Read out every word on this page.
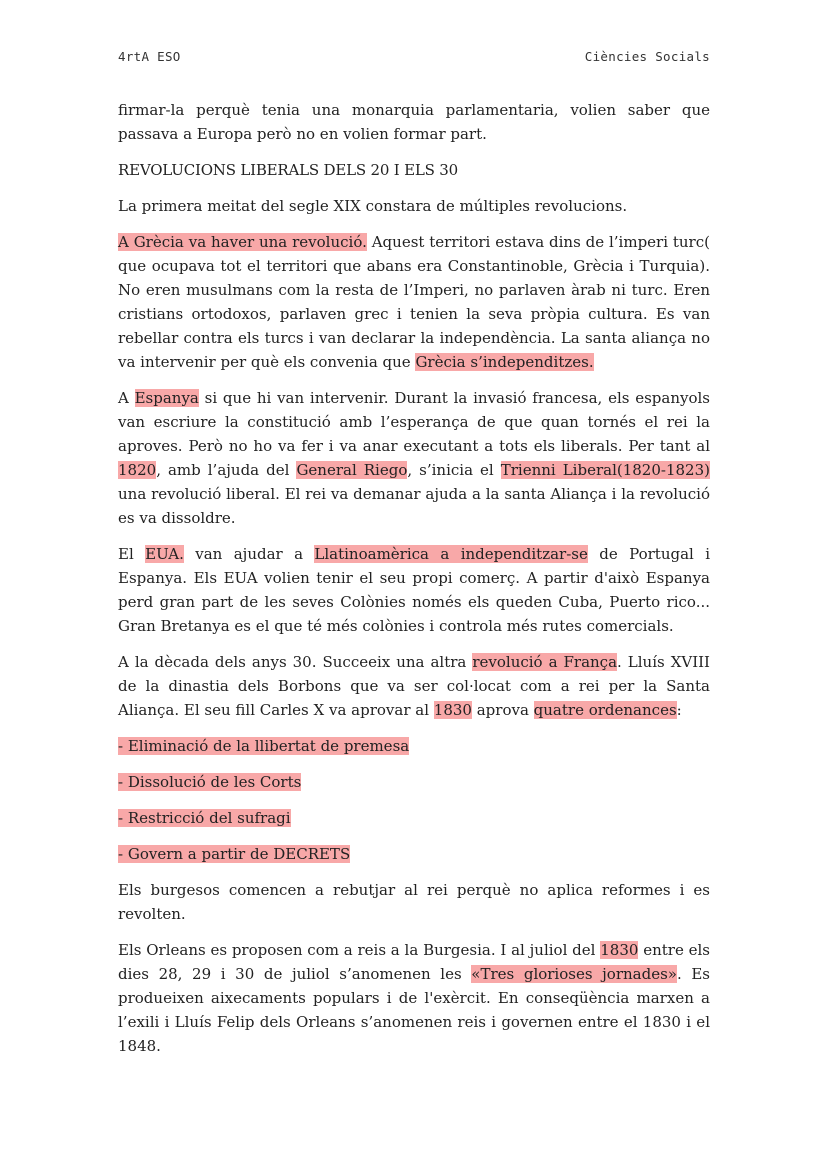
4rtA ESO	Ciències Socials

firmar-la perquè tenia una monarquia parlamentaria, volien saber que passava a Europa però no en volien formar part.

REVOLUCIONS LIBERALS DELS 20 I ELS 30

La primera meitat del segle XIX constara de múltiples revolucions.

A Grècia va haver una revolució. Aquest territori estava dins de l’imperi turc( que ocupava tot el territori que abans era Constantinoble, Grècia i Turquia). No eren musulmans com la resta de l’Imperi, no parlaven àrab ni turc. Eren cristians ortodoxos, parlaven grec i tenien la seva pròpia cultura. Es van rebellar contra els turcs i van declarar la independència. La santa aliança no va intervenir per què els convenia que Grècia s’independitzes.

A Espanya si que hi van intervenir. Durant la invasió francesa, els espanyols van escriure la constitució amb l’esperança de que quan tornés el rei la aproves. Però no ho va fer i va anar executant a tots els liberals. Per tant al 1820, amb l’ajuda del General Riego, s’inicia el Trienni Liberal(1820-1823) una revolució liberal. El rei va demanar ajuda a la santa Aliança i la revolució es va dissoldre.

El EUA. van ajudar a Llatinoamèrica a independitzar-se de Portugal i Espanya. Els EUA volien tenir el seu propi comerç. A partir d'això Espanya perd gran part de les seves Colònies només els queden Cuba, Puerto rico... Gran Bretanya es el que té més colònies i controla més rutes comercials.

A la dècada dels anys 30. Succeeix una altra revolució a França. Lluís XVIII de la dinastia dels Borbons que va ser col·locat com a rei per la Santa Aliança. El seu fill Carles X va aprovar al 1830 aprova quatre ordenances:

- Eliminació de la llibertat de premesa

- Dissolució de les Corts

- Restricció del sufragi

- Govern a partir de DECRETS

Els burgesos comencen a rebutjar al rei perquè no aplica reformes i es revolten.

Els Orleans es proposen com a reis a la Burgesia. I al juliol del 1830 entre els dies 28, 29 i 30 de juliol s’anomenen les «Tres glorioses jornades». Es produeixen aixecaments populars i de l'exèrcit. En conseqüència marxen a l’exili i Lluís Felip dels Orleans s’anomenen reis i governen entre el 1830 i el 1848.
